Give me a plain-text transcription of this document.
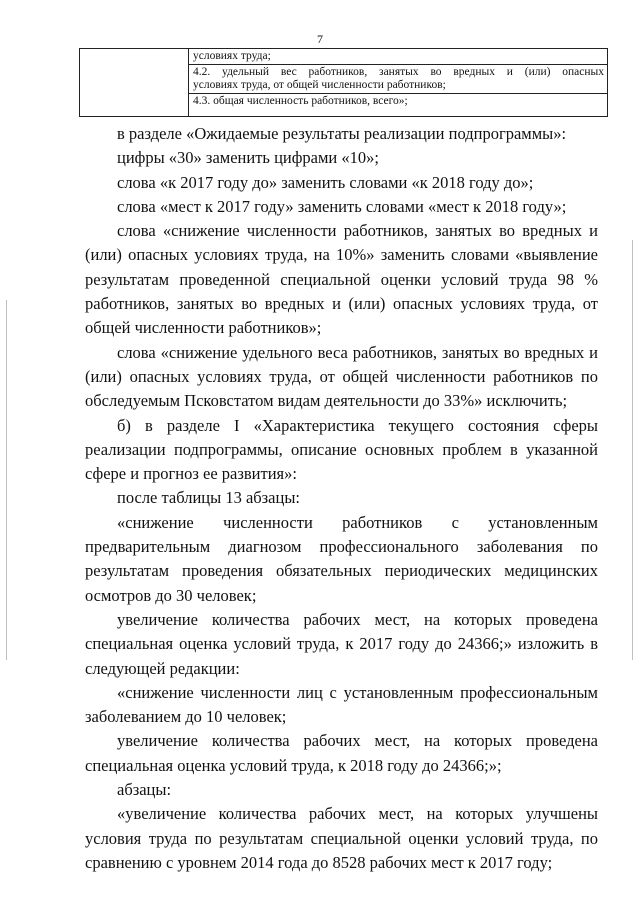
7
условиях труда;
4.2. удельный вес работников, занятых во вредных и (или) опасных
условиях труда, от общей численности работников;
4.3. общая численность работников, всего»;
в разделе «Ожидаемые результаты реализации подпрограммы»:
цифры «30» заменить цифрами «10»;
слова «к 2017 году до» заменить словами «к 2018 году до»;
слова «мест к 2017 году» заменить словами «мест к 2018 году»;
слова «снижение численности работников, занятых во вредных и
(или) опасных условиях труда, на 10%» заменить словами «выявление
результатам проведенной специальной оценки условий труда 98 %
работников, занятых во вредных и (или) опасных условиях труда, от
общей численности работников»;
слова «снижение удельного веса работников, занятых во вредных и
(или) опасных условиях труда, от общей численности работников по
обследуемым Псковстатом видам деятельности до 33%» исключить;
б) в разделе I «Характеристика текущего состояния сферы
реализации подпрограммы, описание основных проблем в указанной
сфере и прогноз ее развития»:
после таблицы 13 абзацы:
«снижение численности работников с установленным
предварительным диагнозом профессионального заболевания по
результатам проведения обязательных периодических медицинских
осмотров до 30 человек;
увеличение количества рабочих мест, на которых проведена
специальная оценка условий труда, к 2017 году до 24366;» изложить в
следующей редакции:
«снижение численности лиц с установленным профессиональным
заболеванием до 10 человек;
увеличение количества рабочих мест, на которых проведена
специальная оценка условий труда, к 2018 году до 24366;»;
абзацы:
«увеличение количества рабочих мест, на которых улучшены
условия труда по результатам специальной оценки условий труда, по
сравнению с уровнем 2014 года до 8528 рабочих мест к 2017 году;
